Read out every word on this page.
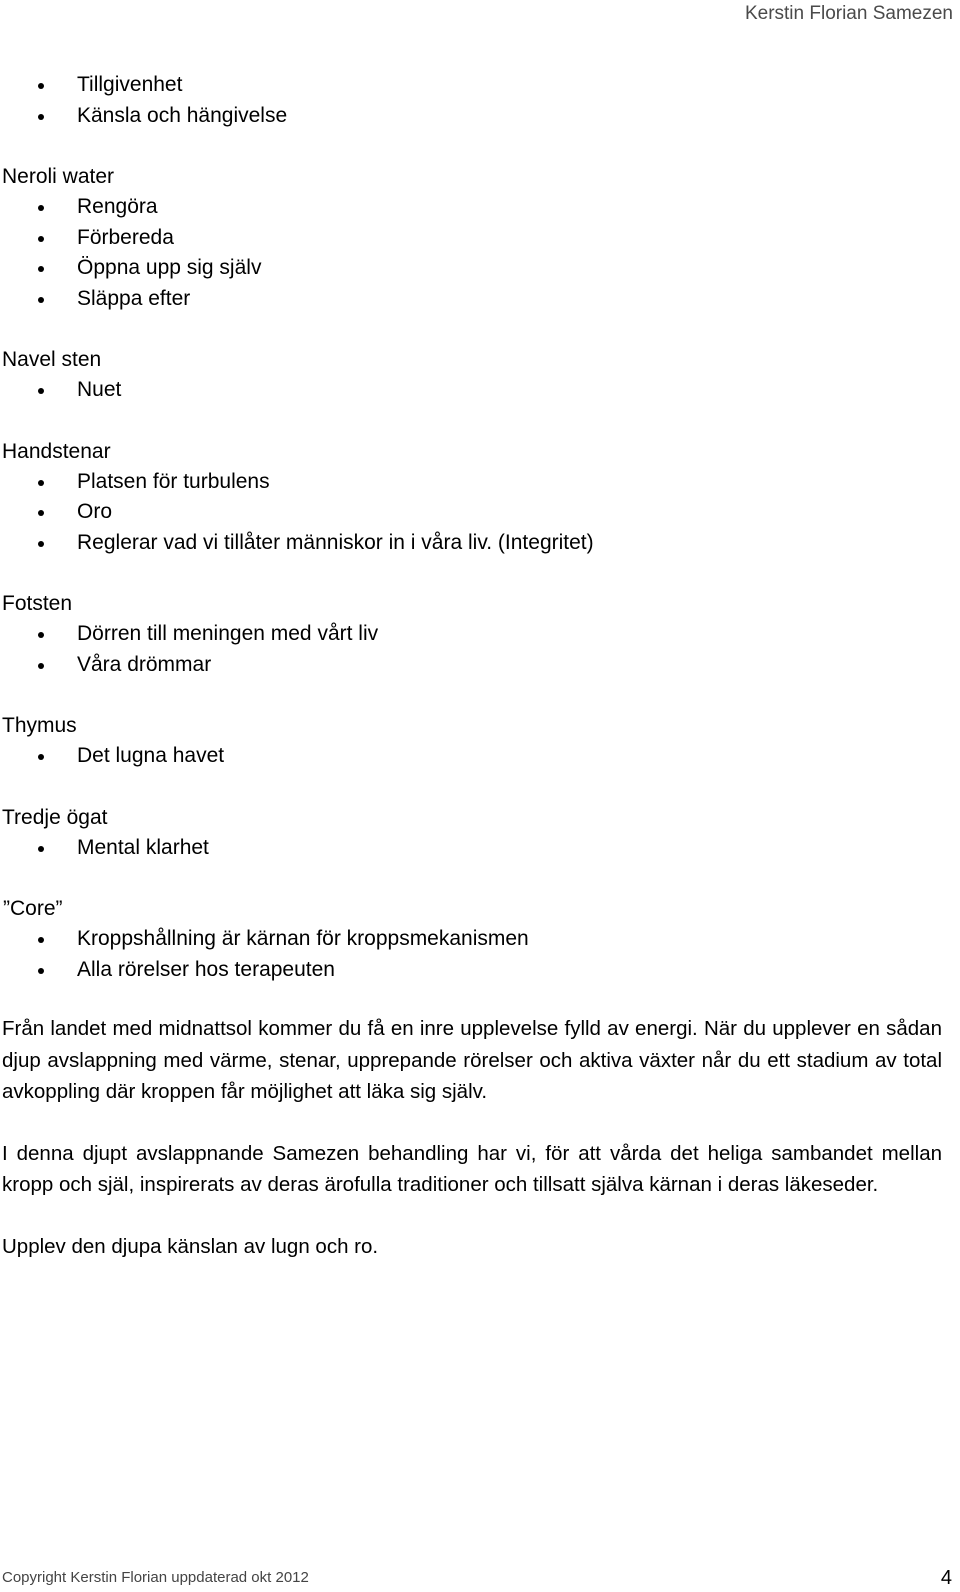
Kerstin Florian Samezen
Tillgivenhet
Känsla och hängivelse
Neroli water
Rengöra
Förbereda
Öppna upp sig själv
Släppa efter
Navel sten
Nuet
Handstenar
Platsen för turbulens
Oro
Reglerar vad vi tillåter människor in i våra liv. (Integritet)
Fotsten
Dörren till meningen med vårt liv
Våra drömmar
Thymus
Det lugna havet
Tredje ögat
Mental klarhet
”Core”
Kroppshållning är kärnan för kroppsmekanismen
Alla rörelser hos terapeuten

Från landet med midnattsol kommer du få en inre upplevelse fylld av energi. När du upplever en sådan djup avslappning med värme, stenar, upprepande rörelser och aktiva växter når du ett stadium av total avkoppling där kroppen får möjlighet att läka sig själv.

I denna djupt avslappnande Samezen behandling har vi, för att vårda det heliga sambandet mellan kropp och själ, inspirerats av deras ärofulla traditioner och tillsatt själva kärnan i deras läkeseder.

Upplev den djupa känslan av lugn och ro.

Copyright Kerstin Florian uppdaterad okt 2012	4
